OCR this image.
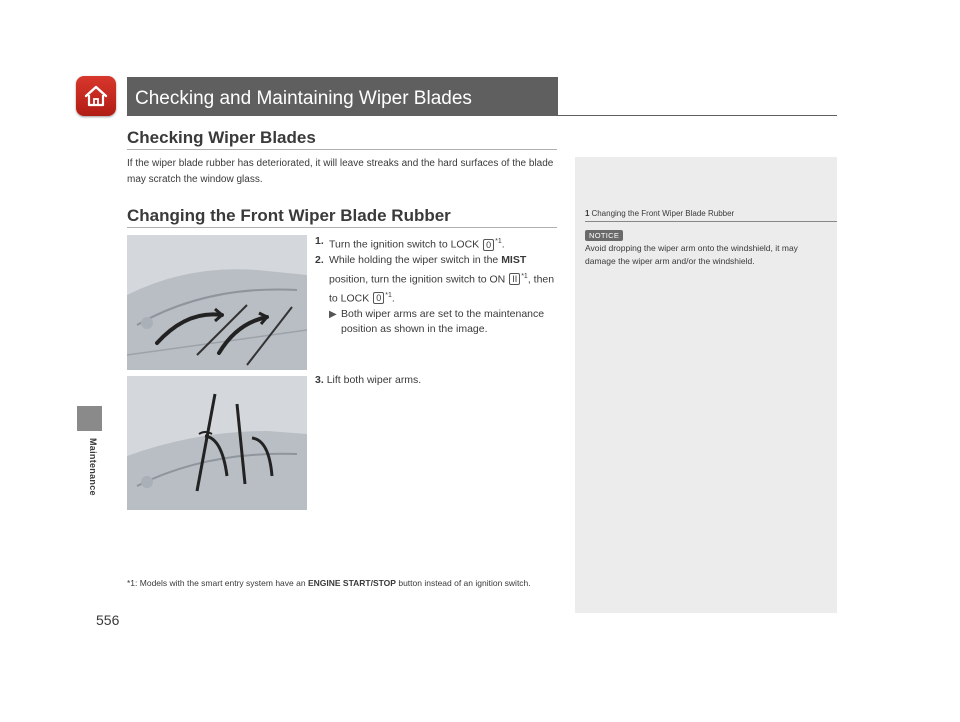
Checking and Maintaining Wiper Blades
Maintenance
556
Checking Wiper Blades
If the wiper blade rubber has deteriorated, it will leave streaks and the hard surfaces of the blade may scratch the window glass.
Changing the Front Wiper Blade Rubber
1. Turn the ignition switch to LOCK 0 $^{*1}$.
2. While holding the wiper switch in the MIST position, turn the ignition switch to ON II $^{*1}$, then to LOCK 0 $^{*1}$.
▶ Both wiper arms are set to the maintenance position as shown in the image.
3. Lift both wiper arms.
*1: Models with the smart entry system have an ENGINE START/STOP button instead of an ignition switch.
1 Changing the Front Wiper Blade Rubber
NOTICE
Avoid dropping the wiper arm onto the windshield, it may damage the wiper arm and/or the windshield.
